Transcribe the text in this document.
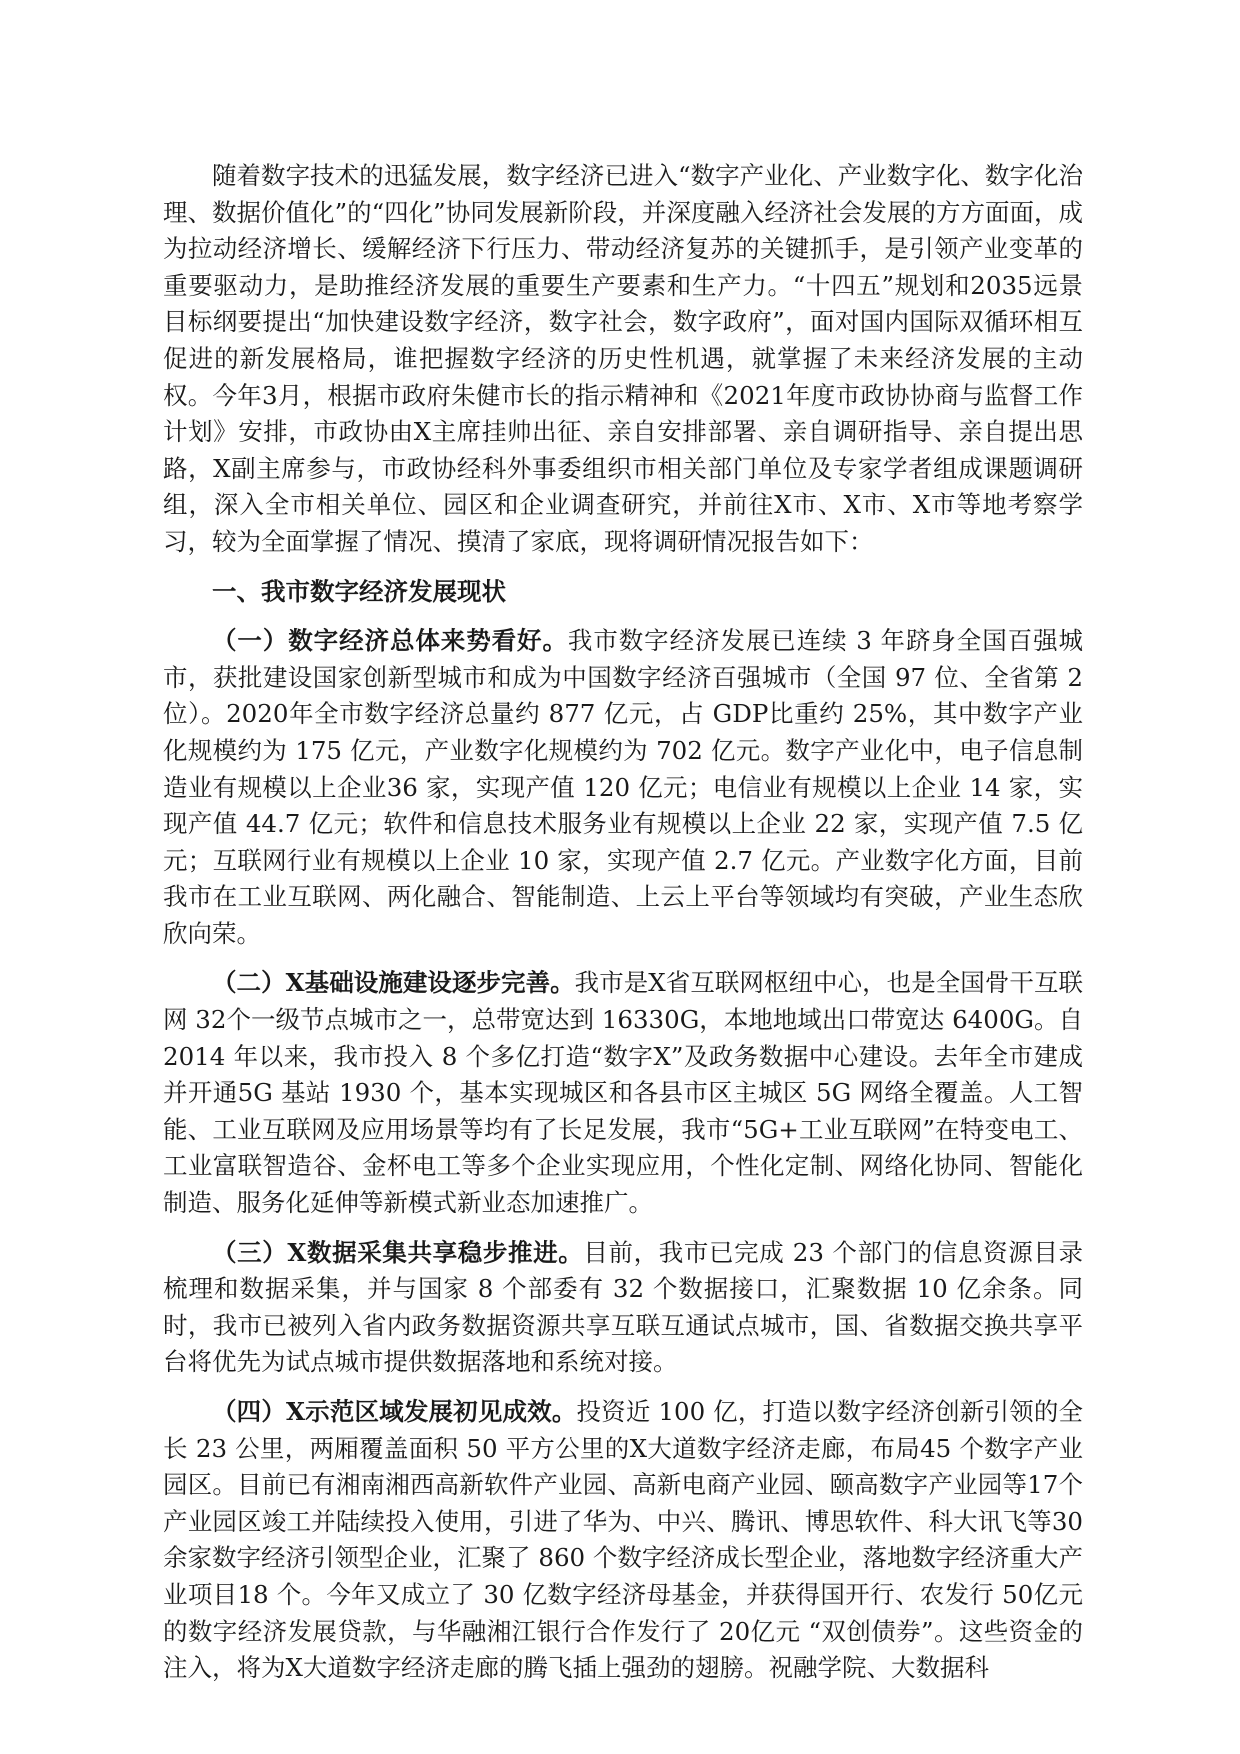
随着数字技术的迅猛发展，数字经济已进入“数字产业化、产业数字化、数字化治理、数据价值化”的“四化”协同发展新阶段，并深度融入经济社会发展的方方面面，成为拉动经济增长、缓解经济下行压力、带动经济复苏的关键抓手，是引领产业变革的重要驱动力，是助推经济发展的重要生产要素和生产力。“十四五”规划和2035远景目标纲要提出“加快建设数字经济，数字社会，数字政府”，面对国内国际双循环相互促进的新发展格局，谁把握数字经济的历史性机遇，就掌握了未来经济发展的主动权。今年3月，根据市政府朱健市长的指示精神和《2021年度市政协协商与监督工作计划》安排，市政协由X主席挂帅出征、亲自安排部署、亲自调研指导、亲自提出思路，X副主席参与，市政协经科外事委组织市相关部门单位及专家学者组成课题调研组，深入全市相关单位、园区和企业调查研究，并前往X市、X市、X市等地考察学习，较为全面掌握了情况、摸清了家底，现将调研情况报告如下：

一、我市数字经济发展现状

（一）数字经济总体来势看好。我市数字经济发展已连续 3 年跻身全国百强城市，获批建设国家创新型城市和成为中国数字经济百强城市（全国 97 位、全省第 2 位）。2020年全市数字经济总量约 877 亿元，占 GDP比重约 25%，其中数字产业化规模约为 175 亿元，产业数字化规模约为 702 亿元。数字产业化中，电子信息制造业有规模以上企业36 家，实现产值 120 亿元；电信业有规模以上企业 14 家，实现产值 44.7 亿元；软件和信息技术服务业有规模以上企业 22 家，实现产值 7.5 亿元；互联网行业有规模以上企业 10 家，实现产值 2.7 亿元。产业数字化方面，目前我市在工业互联网、两化融合、智能制造、上云上平台等领域均有突破，产业生态欣欣向荣。

（二）X基础设施建设逐步完善。我市是X省互联网枢纽中心，也是全国骨干互联网 32个一级节点城市之一，总带宽达到 16330G，本地地域出口带宽达 6400G。自2014 年以来，我市投入 8 个多亿打造“数字X”及政务数据中心建设。去年全市建成并开通5G 基站 1930 个，基本实现城区和各县市区主城区 5G 网络全覆盖。人工智能、工业互联网及应用场景等均有了长足发展，我市“5G+工业互联网”在特变电工、工业富联智造谷、金杯电工等多个企业实现应用，个性化定制、网络化协同、智能化制造、服务化延伸等新模式新业态加速推广。

（三）X数据采集共享稳步推进。目前，我市已完成 23 个部门的信息资源目录梳理和数据采集，并与国家 8 个部委有 32 个数据接口，汇聚数据 10 亿余条。同时，我市已被列入省内政务数据资源共享互联互通试点城市，国、省数据交换共享平台将优先为试点城市提供数据落地和系统对接。

（四）X示范区域发展初见成效。投资近 100 亿，打造以数字经济创新引领的全长 23 公里，两厢覆盖面积 50 平方公里的X大道数字经济走廊，布局45 个数字产业园区。目前已有湘南湘西高新软件产业园、高新电商产业园、颐高数字产业园等17个产业园区竣工并陆续投入使用，引进了华为、中兴、腾讯、博思软件、科大讯飞等30 余家数字经济引领型企业，汇聚了 860 个数字经济成长型企业，落地数字经济重大产业项目18 个。今年又成立了 30 亿数字经济母基金，并获得国开行、农发行 50亿元的数字经济发展贷款，与华融湘江银行合作发行了 20亿元 “双创债券”。这些资金的注入，将为X大道数字经济走廊的腾飞插上强劲的翅膀。祝融学院、大数据科
